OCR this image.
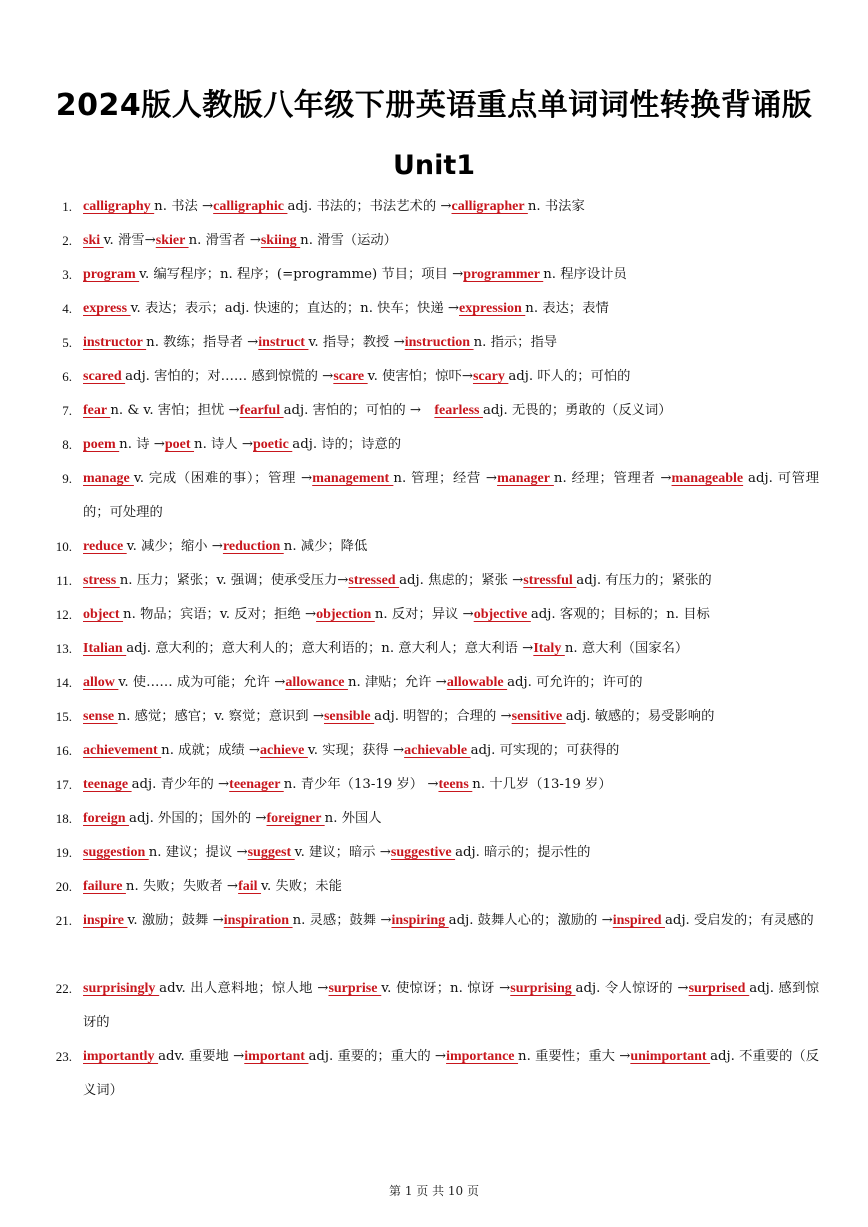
2024版人教版八年级下册英语重点单词词性转换背诵版
Unit1
1. calligraphy n. 书法 →calligraphic adj. 书法的；书法艺术的 →calligrapher n. 书法家
2. ski v. 滑雪→skier n. 滑雪者 →skiing n. 滑雪（运动）
3. program v. 编写程序；n. 程序；(=programme) 节目；项目 →programmer n. 程序设计员
4. express v. 表达；表示；adj. 快速的；直达的；n. 快车；快递 →expression n. 表达；表情
5. instructor n. 教练；指导者 →instruct v. 指导；教授 →instruction n. 指示；指导
6. scared adj. 害怕的；对…… 感到惊慌的 →scare v. 使害怕；惊吓→scary adj. 吓人的；可怕的
7. fear n. & v. 害怕；担忧 →fearful adj. 害怕的；可怕的 →　fearless adj. 无畏的；勇敢的（反义词）
8. poem n. 诗 →poet n. 诗人 →poetic adj. 诗的；诗意的
9. manage v. 完成（困难的事）；管理 →management n. 管理；经营 →manager n. 经理；管理者 →manageable adj. 可管理的；可处理的
10. reduce v. 减少；缩小 →reduction n. 减少；降低
11. stress n. 压力；紧张；v. 强调；使承受压力→stressed adj. 焦虑的；紧张 →stressful adj. 有压力的；紧张的
12. object n. 物品；宾语；v. 反对；拒绝 →objection n. 反对；异议 →objective adj. 客观的；目标的；n. 目标
13. Italian adj. 意大利的；意大利人的；意大利语的；n. 意大利人；意大利语 →Italy n. 意大利（国家名）
14. allow v. 使…… 成为可能；允许 →allowance n. 津贴；允许 →allowable adj. 可允许的；许可的
15. sense n. 感觉；感官；v. 察觉；意识到 →sensible adj. 明智的；合理的 →sensitive adj. 敏感的；易受影响的
16. achievement n. 成就；成绩 →achieve v. 实现；获得 →achievable adj. 可实现的；可获得的
17. teenage adj. 青少年的 →teenager n. 青少年（13-19 岁） →teens n. 十几岁（13-19 岁）
18. foreign adj. 外国的；国外的 →foreigner n. 外国人
19. suggestion n. 建议；提议 →suggest v. 建议；暗示 →suggestive adj. 暗示的；提示性的
20. failure n. 失败；失败者 →fail v. 失败；未能
21. inspire v. 激励；鼓舞 →inspiration n. 灵感；鼓舞 →inspiring adj. 鼓舞人心的；激励的 →inspired adj. 受启发的；有灵感的
22. surprisingly adv. 出人意料地；惊人地 →surprise v. 使惊讶；n. 惊讶 →surprising adj. 令人惊讶的 →surprised adj. 感到惊讶的
23. importantly adv. 重要地 →important adj. 重要的；重大的 →importance n. 重要性；重大 →unimportant adj. 不重要的（反义词）
第 1 页 共 10 页
